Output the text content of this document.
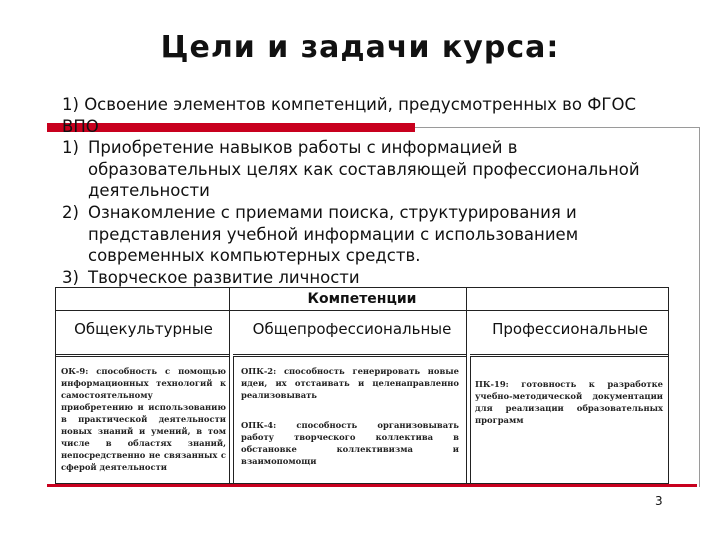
Цели и задачи курса:
1) Освоение элементов компетенций, предусмотренных во ФГОС ВПО
1) Приобретение навыков работы с информацией в образовательных целях как составляющей профессиональной деятельности
2) Ознакомление с приемами поиска, структурирования и представления учебной информации с использованием современных компьютерных средств.
3) Творческое развитие личности
Компетенции
Общекультурные	Общепрофессиональные	Профессиональные
ОК-9: способность с помощью информационных технологий к самостоятельному приобретению и использованию в практической деятельности новых знаний и умений, в том числе в областях знаний, непосредственно не связанных с сферой деятельности
ОПК-2: способность генерировать новые идеи, их отстаивать и целенаправленно реализовывать
ОПК-4: способность организовывать работу творческого коллектива в обстановке коллективизма и взаимопомощи
ПК-19: готовность к разработке учебно-методической документации для реализации образовательных программ
3
